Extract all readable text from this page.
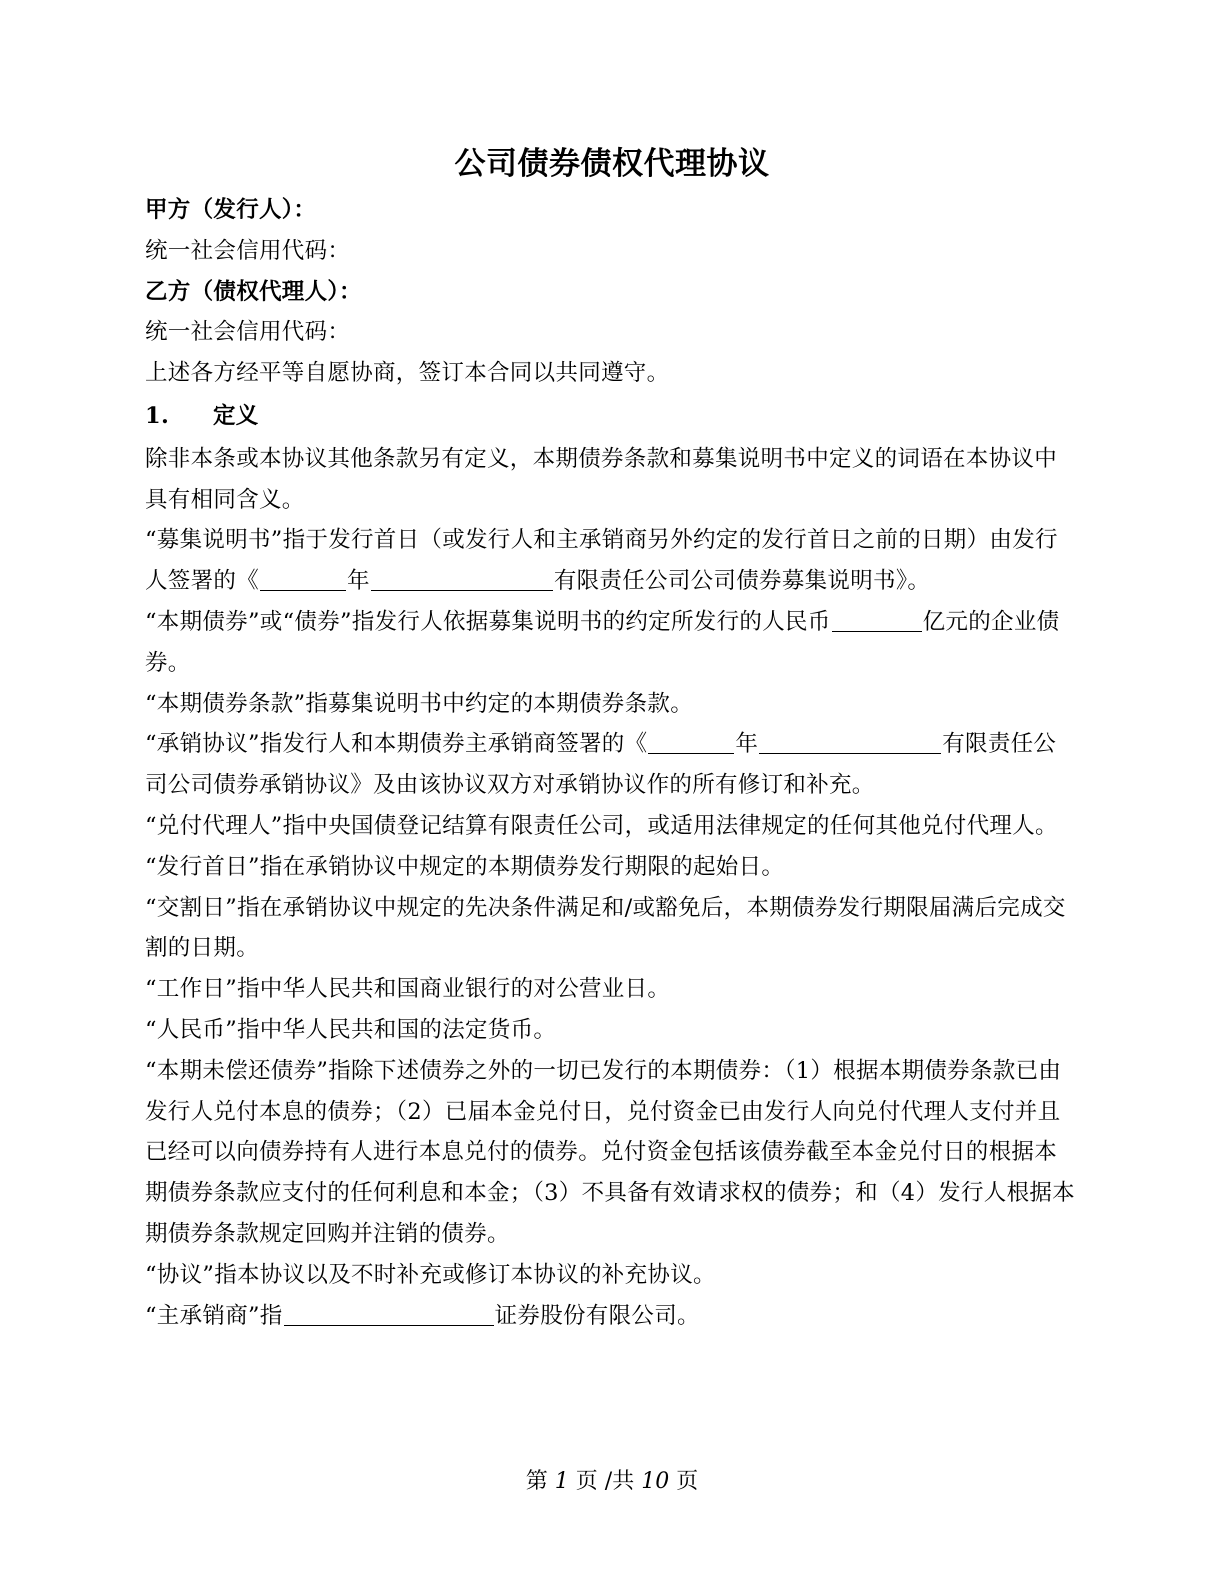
公司债券债权代理协议

甲方（发行人）：

统一社会信用代码：

乙方（债权代理人）：

统一社会信用代码：

上述各方经平等自愿协商，签订本合同以共同遵守。

1. 定义

除非本条或本协议其他条款另有定义，本期债券条款和募集说明书中定义的词语在本协议中具有相同含义。

“募集说明书”指于发行首日（或发行人和主承销商另外约定的发行首日之前的日期）由发行人签署的《	年	有限责任公司公司债券募集说明书》。

“本期债券”或“债券”指发行人依据募集说明书的约定所发行的人民币	亿元的企业债券。

“本期债券条款”指募集说明书中约定的本期债券条款。

“承销协议”指发行人和本期债券主承销商签署的《	年	有限责任公司公司债券承销协议》及由该协议双方对承销协议作的所有修订和补充。

“兑付代理人”指中央国债登记结算有限责任公司，或适用法律规定的任何其他兑付代理人。

“发行首日”指在承销协议中规定的本期债券发行期限的起始日。

“交割日”指在承销协议中规定的先决条件满足和/或豁免后，本期债券发行期限届满后完成交割的日期。

“工作日”指中华人民共和国商业银行的对公营业日。

“人民币”指中华人民共和国的法定货币。

“本期未偿还债券”指除下述债券之外的一切已发行的本期债券：（1）根据本期债券条款已由发行人兑付本息的债券；（2）已届本金兑付日，兑付资金已由发行人向兑付代理人支付并且已经可以向债券持有人进行本息兑付的债券。兑付资金包括该债券截至本金兑付日的根据本期债券条款应支付的任何利息和本金；（3）不具备有效请求权的债券；和（4）发行人根据本期债券条款规定回购并注销的债券。

“协议”指本协议以及不时补充或修订本协议的补充协议。

“主承销商”指	证券股份有限公司。

第 1 页 /共 10 页
